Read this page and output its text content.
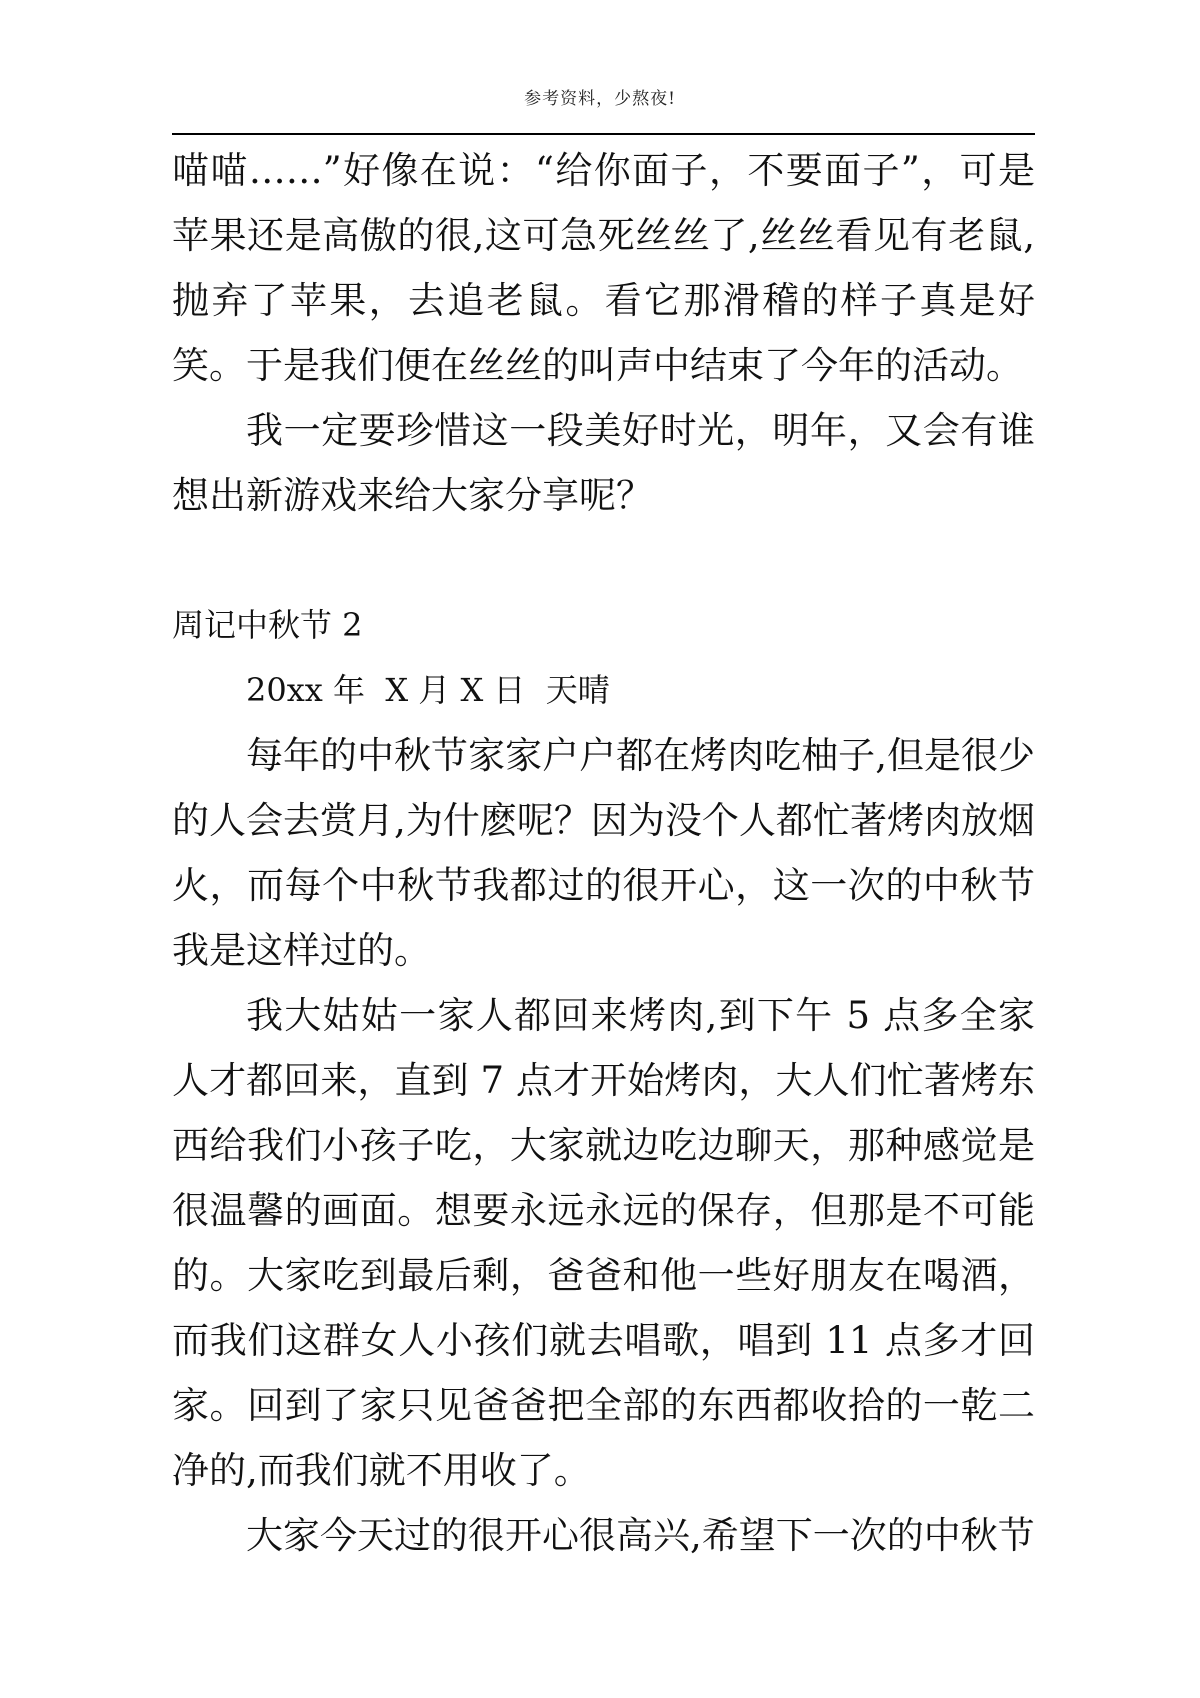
参考资料，少熬夜!

喵喵……”好像在说：“给你面子，不要面子”，可是苹果还是高傲的很,这可急死丝丝了,丝丝看见有老鼠,抛弃了苹果，去追老鼠。看它那滑稽的样子真是好笑。于是我们便在丝丝的叫声中结束了今年的活动。

我一定要珍惜这一段美好时光，明年，又会有谁想出新游戏来给大家分享呢？

周记中秋节 2

20xx 年  X 月 X 日  天晴

每年的中秋节家家户户都在烤肉吃柚子,但是很少的人会去赏月,为什麽呢？因为没个人都忙著烤肉放烟火，而每个中秋节我都过的很开心，这一次的中秋节我是这样过的。

我大姑姑一家人都回来烤肉,到下午 5 点多全家人才都回来，直到 7 点才开始烤肉，大人们忙著烤东西给我们小孩子吃，大家就边吃边聊天，那种感觉是很温馨的画面。想要永远永远的保存，但那是不可能的。大家吃到最后剩，爸爸和他一些好朋友在喝酒，而我们这群女人小孩们就去唱歌，唱到 11 点多才回家。回到了家只见爸爸把全部的东西都收拾的一乾二净的,而我们就不用收了。

大家今天过的很开心很高兴,希望下一次的中秋节
